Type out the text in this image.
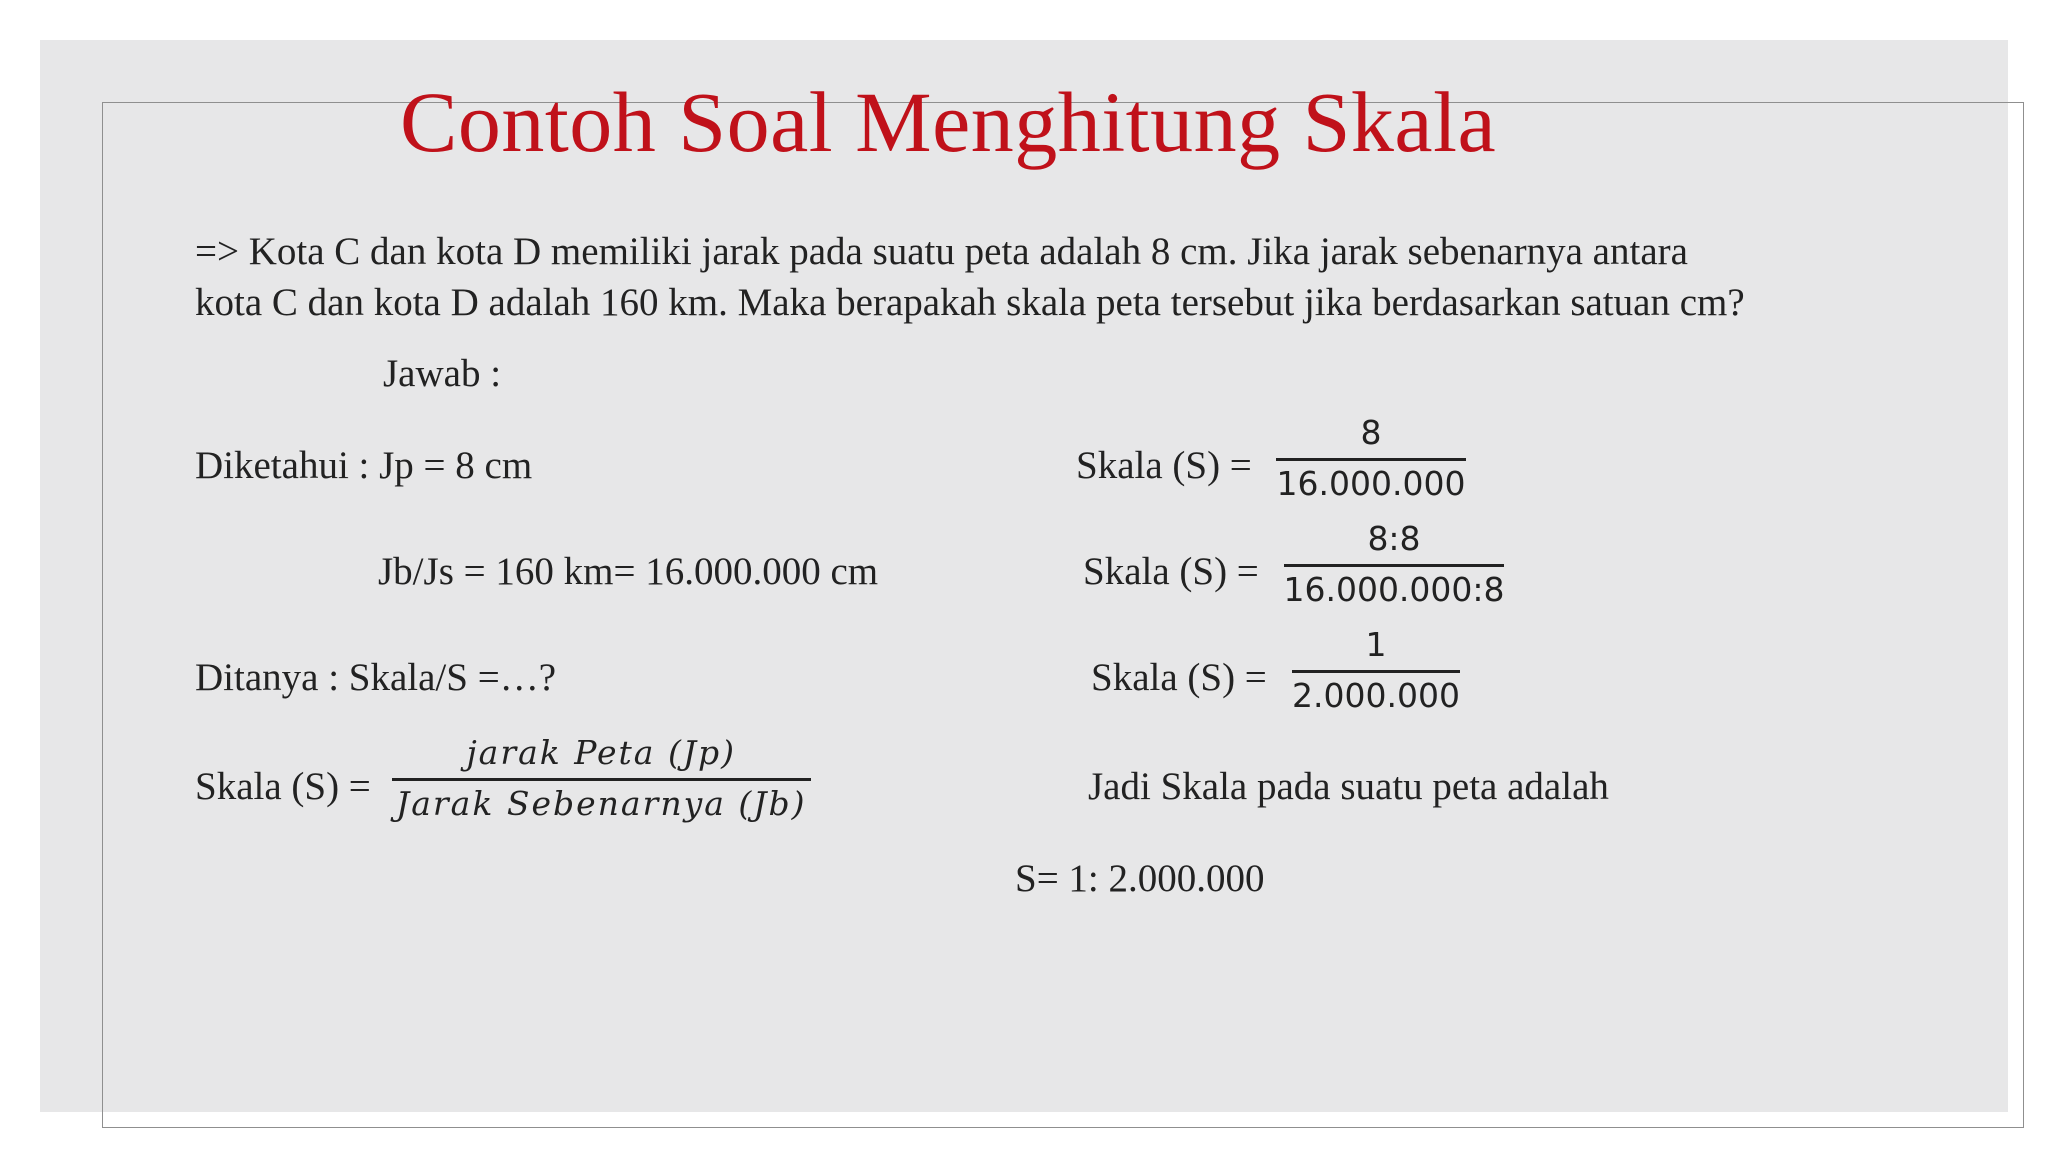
Contoh Soal Menghitung Skala
=> Kota C dan kota D memiliki jarak pada suatu peta adalah 8 cm. Jika jarak sebenarnya antara
kota C dan kota D adalah 160 km. Maka berapakah skala peta tersebut jika berdasarkan satuan cm?
Jawab :
Diketahui : Jp = 8 cm
Jb/Js = 160 km= 16.000.000 cm
Ditanya : Skala/S =…?
Skala (S) =
jarak Peta (Jp)
Jarak Sebenarnya (Jb)
Skala (S) =
8
16.000.000
Skala (S) =
8:8
16.000.000:8
Skala (S) =
1
2.000.000
Jadi Skala pada suatu peta adalah
S= 1: 2.000.000
